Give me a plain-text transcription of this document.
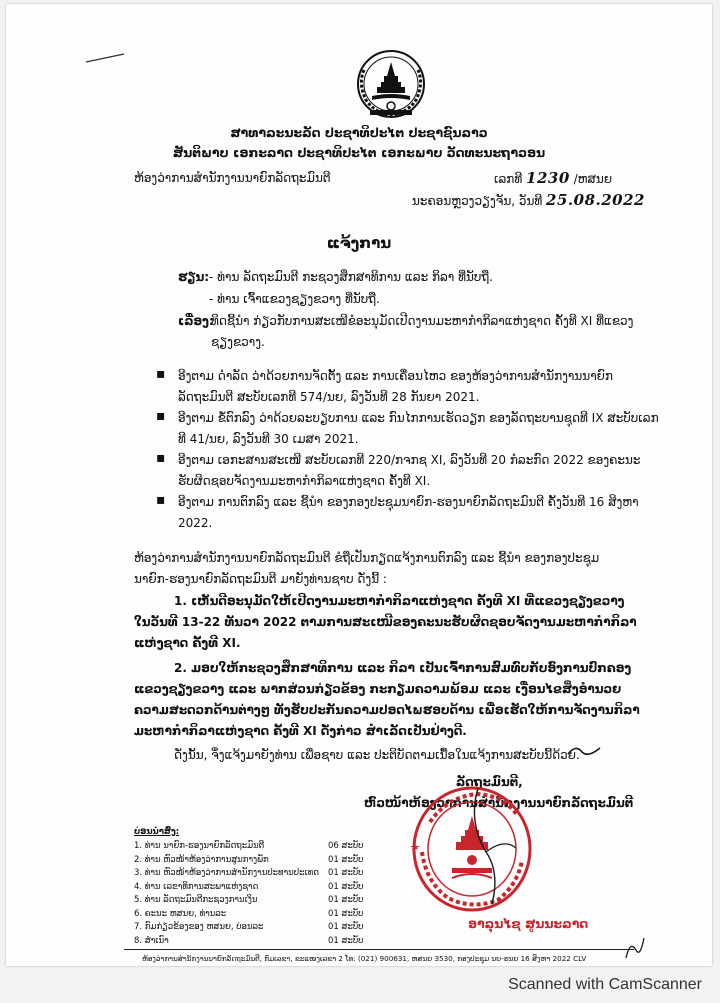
ສາທາລະນະລັດ ປະຊາທິປະໄຕ ປະຊາຊົນລາວ
ສັນຕິພາບ ເອກະລາດ ປະຊາທິປະໄຕ ເອກະພາບ ວັດທະນະຖາວອນ
ຫ້ອງວ່າການສຳນັກງານນາຍົກລັດຖະມົນຕີ	ເລກທີ 1230 /ຫສນຍ
ນະຄອນຫຼວງວຽງຈັນ, ວັນທີ 25.08.2022
ແຈ້ງການ
ຮຽນ: - ທ່ານ ລັດຖະມົນຕີ ກະຊວງສຶກສາທິການ ແລະ ກິລາ ທີ່ນັບຖື.
- ທ່ານ ເຈົ້າແຂວງຊຽງຂວາງ ທີ່ນັບຖື.
ເລື່ອງ:
ທິດຊີ້ນຳ ກ່ຽວກັບການສະເໜີຂໍອະນຸມັດເປີດງານມະຫາກຳກິລາແຫ່ງຊາດ ຄັ້ງທີ XI ທີ່ແຂວງ
ຊຽງຂວາງ.
▪ ອີງຕາມ ດຳລັດ ວ່າດ້ວຍການຈັດຕັ້ງ ແລະ ການເຄື່ອນໄຫວ ຂອງຫ້ອງວ່າການສຳນັກງານນາຍົກ
ລັດຖະມົນຕີ ສະບັບເລກທີ 574/ນຍ, ລົງວັນທີ 28 ກັນຍາ 2021.
▪ ອີງຕາມ ຂໍ້ຕົກລົງ ວ່າດ້ວຍລະບຽບການ ແລະ ກົນໄກການເຮັດວຽກ ຂອງລັດຖະບານຊຸດທີ IX ສະບັບເລກ
ທີ 41/ນຍ, ລົງວັນທີ 30 ເມສາ 2021.
▪ ອີງຕາມ ເອກະສານສະເໜີ ສະບັບເລກທີ 220/ກຈກຊ XI, ລົງວັນທີ 20 ກໍລະກົດ 2022 ຂອງຄະນະ
ຮັບຜິດຊອບຈັດງານມະຫາກຳກິລາແຫ່ງຊາດ ຄັ້ງທີ XI.
▪ ອີງຕາມ ການຕົກລົງ ແລະ ຊີ້ນຳ ຂອງກອງປະຊຸມນາຍົກ-ຮອງນາຍົກລັດຖະມົນຕີ ຄັ້ງວັນທີ 16 ສິງຫາ
2022.
ຫ້ອງວ່າການສຳນັກງານນາຍົກລັດຖະມົນຕີ ຂໍຖືເປັນກຽດແຈ້ງການຕົກລົງ ແລະ ຊີ້ນຳ ຂອງກອງປະຊຸມ
ນາຍົກ-ຮອງນາຍົກລັດຖະມົນຕີ ມາຍັງທ່ານຊາບ ດັ່ງນີ້ :
1. ເຫັນດີອະນຸມັດໃຫ້ເປີດງານມະຫາກຳກິລາແຫ່ງຊາດ ຄັ້ງທີ XI ທີ່ແຂວງຊຽງຂວາງ
ໃນວັນທີ 13-22 ທັນວາ 2022 ຕາມການສະເໜີຂອງຄະນະຮັບຜິດຊອບຈັດງານມະຫາກຳກິລາ
ແຫ່ງຊາດ ຄັ້ງທີ XI.
2. ມອບໃຫ້ກະຊວງສຶກສາທິການ ແລະ ກິລາ ເປັນເຈົ້າການສົມທົບກັບອົງການປົກຄອງ
ແຂວງຊຽງຂວາງ ແລະ ພາກສ່ວນກ່ຽວຂ້ອງ ກະກຽມຄວາມພ້ອມ ແລະ ເງື່ອນໄຂສິ່ງອຳນວຍ
ຄວາມສະດວກດ້ານຕ່າງໆ ທັງຮັບປະກັນຄວາມປອດໄພຮອບດ້ານ ເພື່ອເຮັດໃຫ້ການຈັດງານກິລາ
ມະຫາກຳກິລາແຫ່ງຊາດ ຄັ້ງທີ XI ດັ່ງກ່າວ ສຳເລັດເປັນຢ່າງດີ.
ດັ່ງນັ້ນ, ຈຶ່ງແຈ້ງມາຍັງທ່ານ ເພື່ອຊາບ ແລະ ປະຕິບັດຕາມເນື້ອໃນແຈ້ງການສະບັບນີ້ດ້ວຍ.
ລັດຖະມົນຕີ,
ຫົວໜ້າຫ້ອງວ່າການສຳນັກງານນາຍົກລັດຖະມົນຕີ
ບ່ອນນຳສົ່ງ:
1. ທ່ານ ນາຍົກ-ຮອງນາຍົກລັດຖະມົນຕີ
2. ທ່ານ ຫົວໜ້າຫ້ອງວ່າການສູນກາງພັກ
3. ທ່ານ ຫົວໜ້າຫ້ອງວ່າການສຳນັກງານປະທານປະເທດ
4. ທ່ານ ເລຂາທິການສະພາແຫ່ງຊາດ
5. ທ່ານ ລັດຖະມົນຕີກະຊວງການເງິນ
6. ຄະນະ ຫສນຍ, ທ່ານລະ
7. ກົມກ່ຽວຂ້ອງຂອງ ຫສນຍ, ບ່ອນລະ
8. ສຳເນົາ
06 ສະບັບ
01 ສະບັບ
01 ສະບັບ
01 ສະບັບ
01 ສະບັບ
01 ສະບັບ
01 ສະບັບ
01 ສະບັບ
ອາລຸນໄຊ ສູນນະລາດ
ຫ້ອງວ່າການສຳນັກງານນາຍົກລັດຖະມົນຕີ, ກົມເລຂາ, ຂະແໜງເລຂາ 2 ໂທ: (021) 900631, ຫສນຍ 3530, ກອງປະຊຸມ ນຍ-ຮນຍ 16 ສິງຫາ 2022 CLV
Scanned with CamScanner
